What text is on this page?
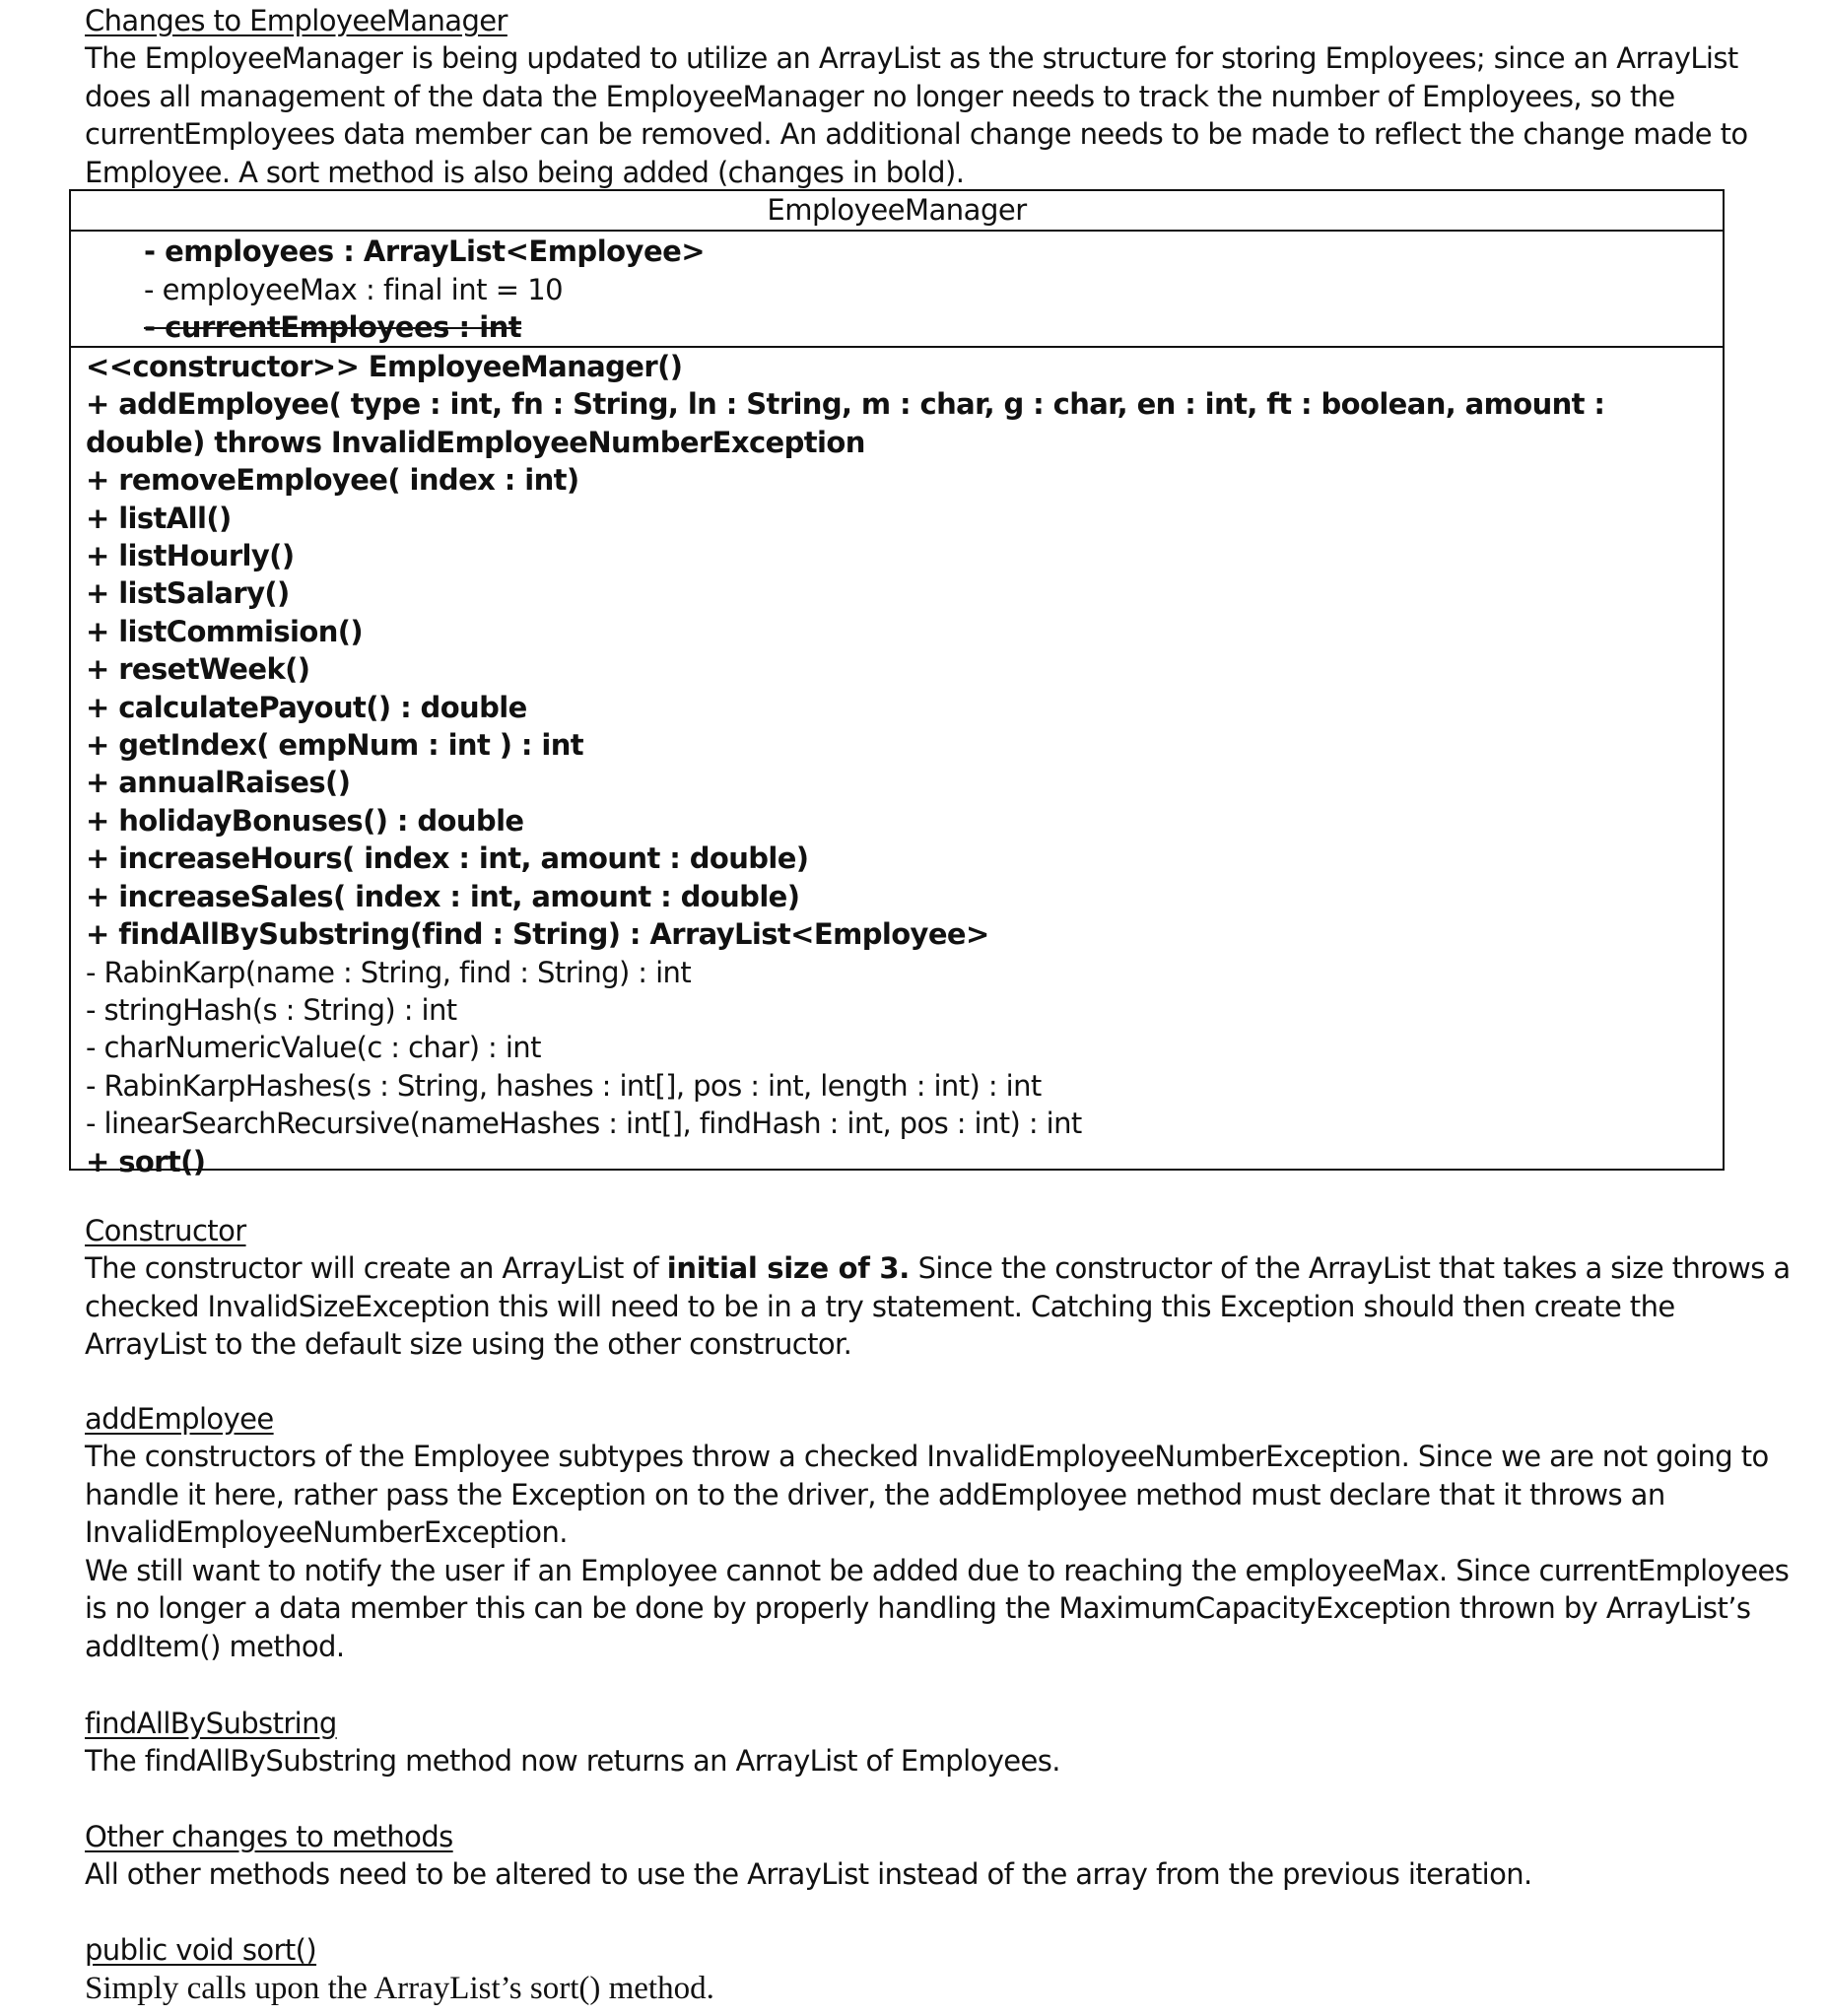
Changes to EmployeeManager
The EmployeeManager is being updated to utilize an ArrayList as the structure for storing Employees; since an ArrayList does all management of the data the EmployeeManager no longer needs to track the number of Employees, so the currentEmployees data member can be removed. An additional change needs to be made to reflect the change made to Employee. A sort method is also being added (changes in bold).
EmployeeManager
- employees : ArrayList<Employee>
- employeeMax : final int = 10
- currentEmployees : int
<<constructor>> EmployeeManager()
+ addEmployee( type : int, fn : String, ln : String, m : char, g : char, en : int, ft : boolean, amount : double) throws InvalidEmployeeNumberException
+ removeEmployee( index : int)
+ listAll()
+ listHourly()
+ listSalary()
+ listCommision()
+ resetWeek()
+ calculatePayout() : double
+ getIndex( empNum : int ) : int
+ annualRaises()
+ holidayBonuses() : double
+ increaseHours( index : int, amount : double)
+ increaseSales( index : int, amount : double)
+ findAllBySubstring(find : String) : ArrayList<Employee>
- RabinKarp(name : String, find : String) : int
- stringHash(s : String) : int
- charNumericValue(c : char) : int
- RabinKarpHashes(s : String, hashes : int[], pos : int, length : int) : int
- linearSearchRecursive(nameHashes : int[], findHash : int, pos : int) : int
+ sort()
Constructor
The constructor will create an ArrayList of initial size of 3. Since the constructor of the ArrayList that takes a size throws a checked InvalidSizeException this will need to be in a try statement. Catching this Exception should then create the ArrayList to the default size using the other constructor.
addEmployee

The constructors of the Employee subtypes throw a checked InvalidEmployeeNumberException. Since we are not going to handle it here, rather pass the Exception on to the driver, the addEmployee method must declare that it throws an InvalidEmployeeNumberException.

We still want to notify the user if an Employee cannot be added due to reaching the employeeMax. Since currentEmployees is no longer a data member this can be done by properly handling the MaximumCapacityException thrown by ArrayList’s addItem() method.

findAllBySubstring
The findAllBySubstring method now returns an ArrayList of Employees.
Other changes to methods
All other methods need to be altered to use the ArrayList instead of the array from the previous iteration.
public void sort()
Simply calls upon the ArrayList’s sort() method.
